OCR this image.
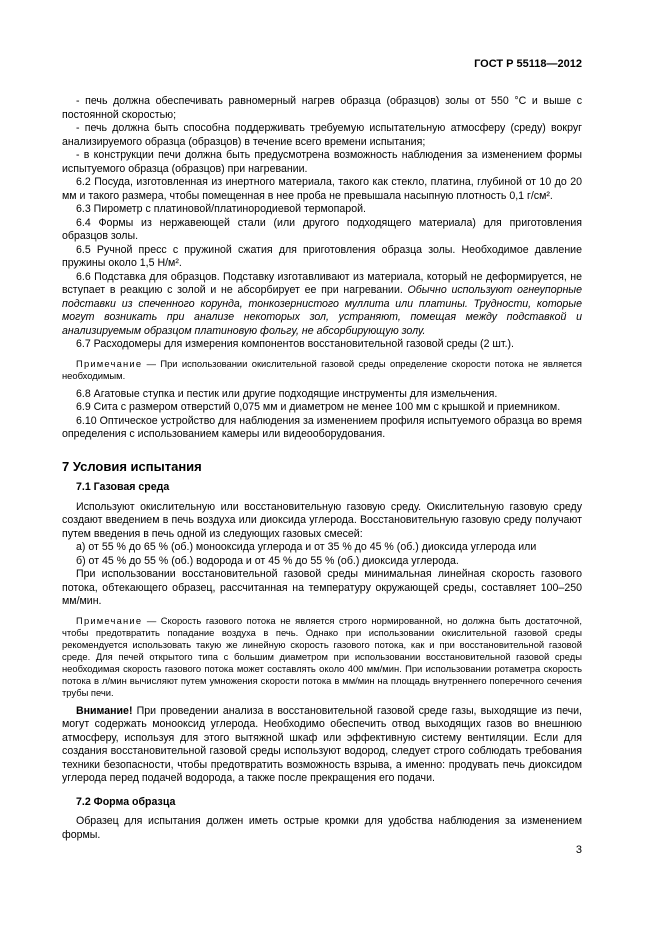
ГОСТ Р 55118—2012

- печь должна обеспечивать равномерный нагрев образца (образцов) золы от 550 °С и выше с постоянной скоростью;

- печь должна быть способна поддерживать требуемую испытательную атмосферу (среду) вокруг анализируемого образца (образцов) в течение всего времени испытания;

- в конструкции печи должна быть предусмотрена возможность наблюдения за изменением формы испытуемого образца (образцов) при нагревании.

6.2 Посуда, изготовленная из инертного материала, такого как стекло, платина, глубиной от 10 до 20 мм и такого размера, чтобы помещенная в нее проба не превышала насыпную плотность 0,1 г/см².

6.3 Пирометр с платиновой/платинородиевой термопарой.

6.4 Формы из нержавеющей стали (или другого подходящего материала) для приготовления образцов золы.

6.5 Ручной пресс с пружиной сжатия для приготовления образца золы. Необходимое давление пружины около 1,5 Н/м².

6.6 Подставка для образцов. Подставку изготавливают из материала, который не деформируется, не вступает в реакцию с золой и не абсорбирует ее при нагревании. Обычно используют огнеупорные подставки из спеченного корунда, тонкозернистого муллита или платины. Трудности, которые могут возникать при анализе некоторых зол, устраняют, помещая между подставкой и анализируемым образцом платиновую фольгу, не абсорбирующую золу.

6.7 Расходомеры для измерения компонентов восстановительной газовой среды (2 шт.).

Примечание — При использовании окислительной газовой среды определение скорости потока не является необходимым.

6.8 Агатовые ступка и пестик или другие подходящие инструменты для измельчения.

6.9 Сита с размером отверстий 0,075 мм и диаметром не менее 100 мм с крышкой и приемником.

6.10 Оптическое устройство для наблюдения за изменением профиля испытуемого образца во время определения с использованием камеры или видеооборудования.

7 Условия испытания
7.1 Газовая среда

Используют окислительную или восстановительную газовую среду. Окислительную газовую среду создают введением в печь воздуха или диоксида углерода. Восстановительную газовую среду получают путем введения в печь одной из следующих газовых смесей:

а) от 55 % до 65 % (об.) монооксида углерода и от 35 % до 45 % (об.) диоксида углерода или

б) от 45 % до 55 % (об.) водорода и от 45 % до 55 % (об.) диоксида углерода.

При использовании восстановительной газовой среды минимальная линейная скорость газового потока, обтекающего образец, рассчитанная на температуру окружающей среды, составляет 100–250 мм/мин.

Примечание — Скорость газового потока не является строго нормированной, но должна быть достаточной, чтобы предотвратить попадание воздуха в печь. Однако при использовании окислительной газовой среды рекомендуется использовать такую же линейную скорость газового потока, как и при восстановительной газовой среде. Для печей открытого типа с большим диаметром при использовании восстановительной газовой среды необходимая скорость газового потока может составлять около 400 мм/мин. При использовании ротаметра скорость потока в л/мин вычисляют путем умножения скорости потока в мм/мин на площадь внутреннего поперечного сечения трубы печи.

Внимание! При проведении анализа в восстановительной газовой среде газы, выходящие из печи, могут содержать монооксид углерода. Необходимо обеспечить отвод выходящих газов во внешнюю атмосферу, используя для этого вытяжной шкаф или эффективную систему вентиляции. Если для создания восстановительной газовой среды используют водород, следует строго соблюдать требования техники безопасности, чтобы предотвратить возможность взрыва, а именно: продувать печь диоксидом углерода перед подачей водорода, а также после прекращения его подачи.

7.2 Форма образца

Образец для испытания должен иметь острые кромки для удобства наблюдения за изменением формы.

3
